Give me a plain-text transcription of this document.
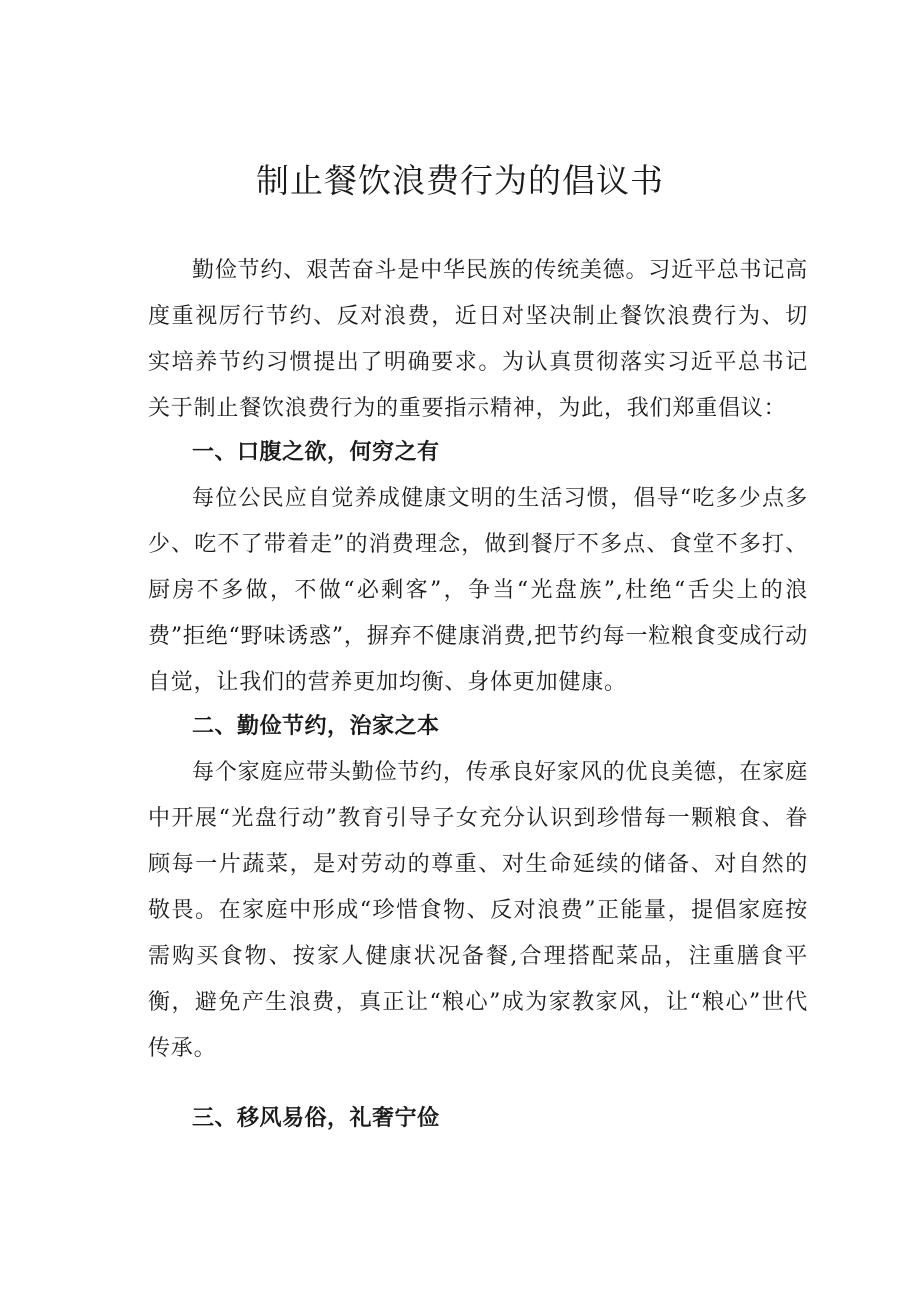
制止餐饮浪费行为的倡议书

勤俭节约、艰苦奋斗是中华民族的传统美德。习近平总书记高度重视厉行节约、反对浪费，近日对坚决制止餐饮浪费行为、切实培养节约习惯提出了明确要求。为认真贯彻落实习近平总书记关于制止餐饮浪费行为的重要指示精神，为此，我们郑重倡议：

一、口腹之欲，何穷之有

每位公民应自觉养成健康文明的生活习惯，倡导“吃多少点多少、吃不了带着走”的消费理念，做到餐厅不多点、食堂不多打、厨房不多做，不做“必剩客”，争当“光盘族”,杜绝“舌尖上的浪费”拒绝“野味诱惑”，摒弃不健康消费,把节约每一粒粮食变成行动自觉，让我们的营养更加均衡、身体更加健康。

二、勤俭节约，治家之本

每个家庭应带头勤俭节约，传承良好家风的优良美德，在家庭中开展“光盘行动”教育引导子女充分认识到珍惜每一颗粮食、眷顾每一片蔬菜，是对劳动的尊重、对生命延续的储备、对自然的敬畏。在家庭中形成“珍惜食物、反对浪费”正能量，提倡家庭按需购买食物、按家人健康状况备餐,合理搭配菜品，注重膳食平衡，避免产生浪费，真正让“粮心”成为家教家风，让“粮心”世代传承。

三、移风易俗，礼奢宁俭
